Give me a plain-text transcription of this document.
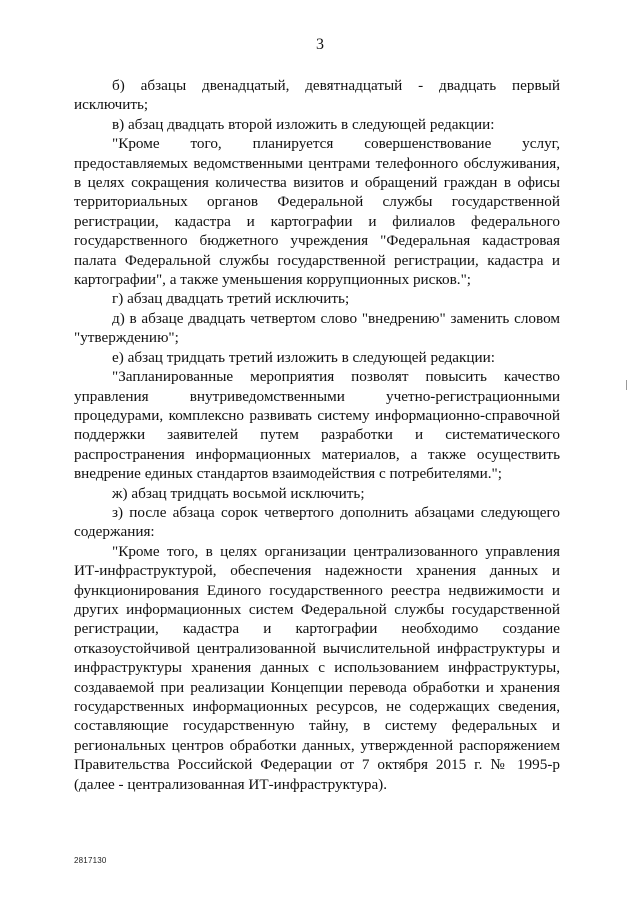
3

б) абзацы двенадцатый, девятнадцатый - двадцать первый исключить;

в) абзац двадцать второй изложить в следующей редакции:

"Кроме того, планируется совершенствование услуг, предоставляемых ведомственными центрами телефонного обслуживания, в целях сокращения количества визитов и обращений граждан в офисы территориальных органов Федеральной службы государственной регистрации, кадастра и картографии и филиалов федерального государственного бюджетного учреждения "Федеральная кадастровая палата Федеральной службы государственной регистрации, кадастра и картографии", а также уменьшения коррупционных рисков.";

г) абзац двадцать третий исключить;

д) в абзаце двадцать четвертом слово "внедрению" заменить словом "утверждению";

е) абзац тридцать третий изложить в следующей редакции:

"Запланированные мероприятия позволят повысить качество управления внутриведомственными учетно-регистрационными процедурами, комплексно развивать систему информационно-справочной поддержки заявителей путем разработки и систематического распространения информационных материалов, а также осуществить внедрение единых стандартов взаимодействия с потребителями.";

ж) абзац тридцать восьмой исключить;

з) после абзаца сорок четвертого дополнить абзацами следующего содержания:

"Кроме того, в целях организации централизованного управления ИТ-инфраструктурой, обеспечения надежности хранения данных и функционирования Единого государственного реестра недвижимости и других информационных систем Федеральной службы государственной регистрации, кадастра и картографии необходимо создание отказоустойчивой централизованной вычислительной инфраструктуры и инфраструктуры хранения данных с использованием инфраструктуры, создаваемой при реализации Концепции перевода обработки и хранения государственных информационных ресурсов, не содержащих сведения, составляющие государственную тайну, в систему федеральных и региональных центров обработки данных, утвержденной распоряжением Правительства Российской Федерации от 7 октября 2015 г. № 1995-р (далее - централизованная ИТ-инфраструктура).

2817130
